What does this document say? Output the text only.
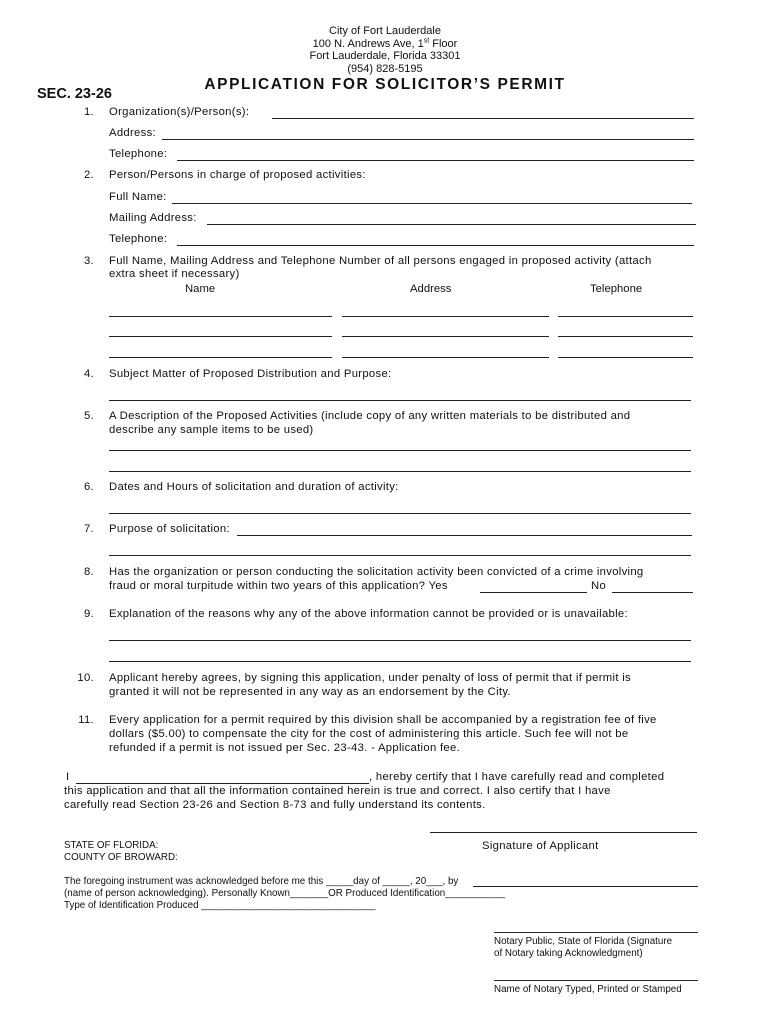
City of Fort Lauderdale
100 N. Andrews Ave, 1st Floor
Fort Lauderdale, Florida 33301
(954) 828-5195
APPLICATION FOR SOLICITOR’S PERMIT
SEC. 23-26
1. Organization(s)/Person(s):
Address:
Telephone:
2. Person/Persons in charge of proposed activities:
Full Name:
Mailing Address:
Telephone:
3. Full Name, Mailing Address and Telephone Number of all persons engaged in proposed activity (attach
extra sheet if necessary)
Name	Address	Telephone
4. Subject Matter of Proposed Distribution and Purpose:
5. A Description of the Proposed Activities (include copy of any written materials to be distributed and
describe any sample items to be used)
6. Dates and Hours of solicitation and duration of activity:
7. Purpose of solicitation:
8. Has the organization or person conducting the solicitation activity been convicted of a crime involving
fraud or moral turpitude within two years of this application? Yes	No
9. Explanation of the reasons why any of the above information cannot be provided or is unavailable:
10. Applicant hereby agrees, by signing this application, under penalty of loss of permit that if permit is
granted it will not be represented in any way as an endorsement by the City.
11. Every application for a permit required by this division shall be accompanied by a registration fee of five
dollars ($5.00) to compensate the city for the cost of administering this article. Such fee will not be
refunded if a permit is not issued per Sec. 23-43. - Application fee.
I	, hereby certify that I have carefully read and completed
this application and that all the information contained herein is true and correct. I also certify that I have
carefully read Section 23-26 and Section 8-73 and fully understand its contents.
Signature of Applicant
STATE OF FLORIDA:
COUNTY OF BROWARD:
The foregoing instrument was acknowledged before me this _____day of _____, 20___, by
(name of person acknowledging). Personally Known_______OR Produced Identification___________
Type of Identification Produced ________________________________
Notary Public, State of Florida (Signature
of Notary taking Acknowledgment)
Name of Notary Typed, Printed or Stamped
